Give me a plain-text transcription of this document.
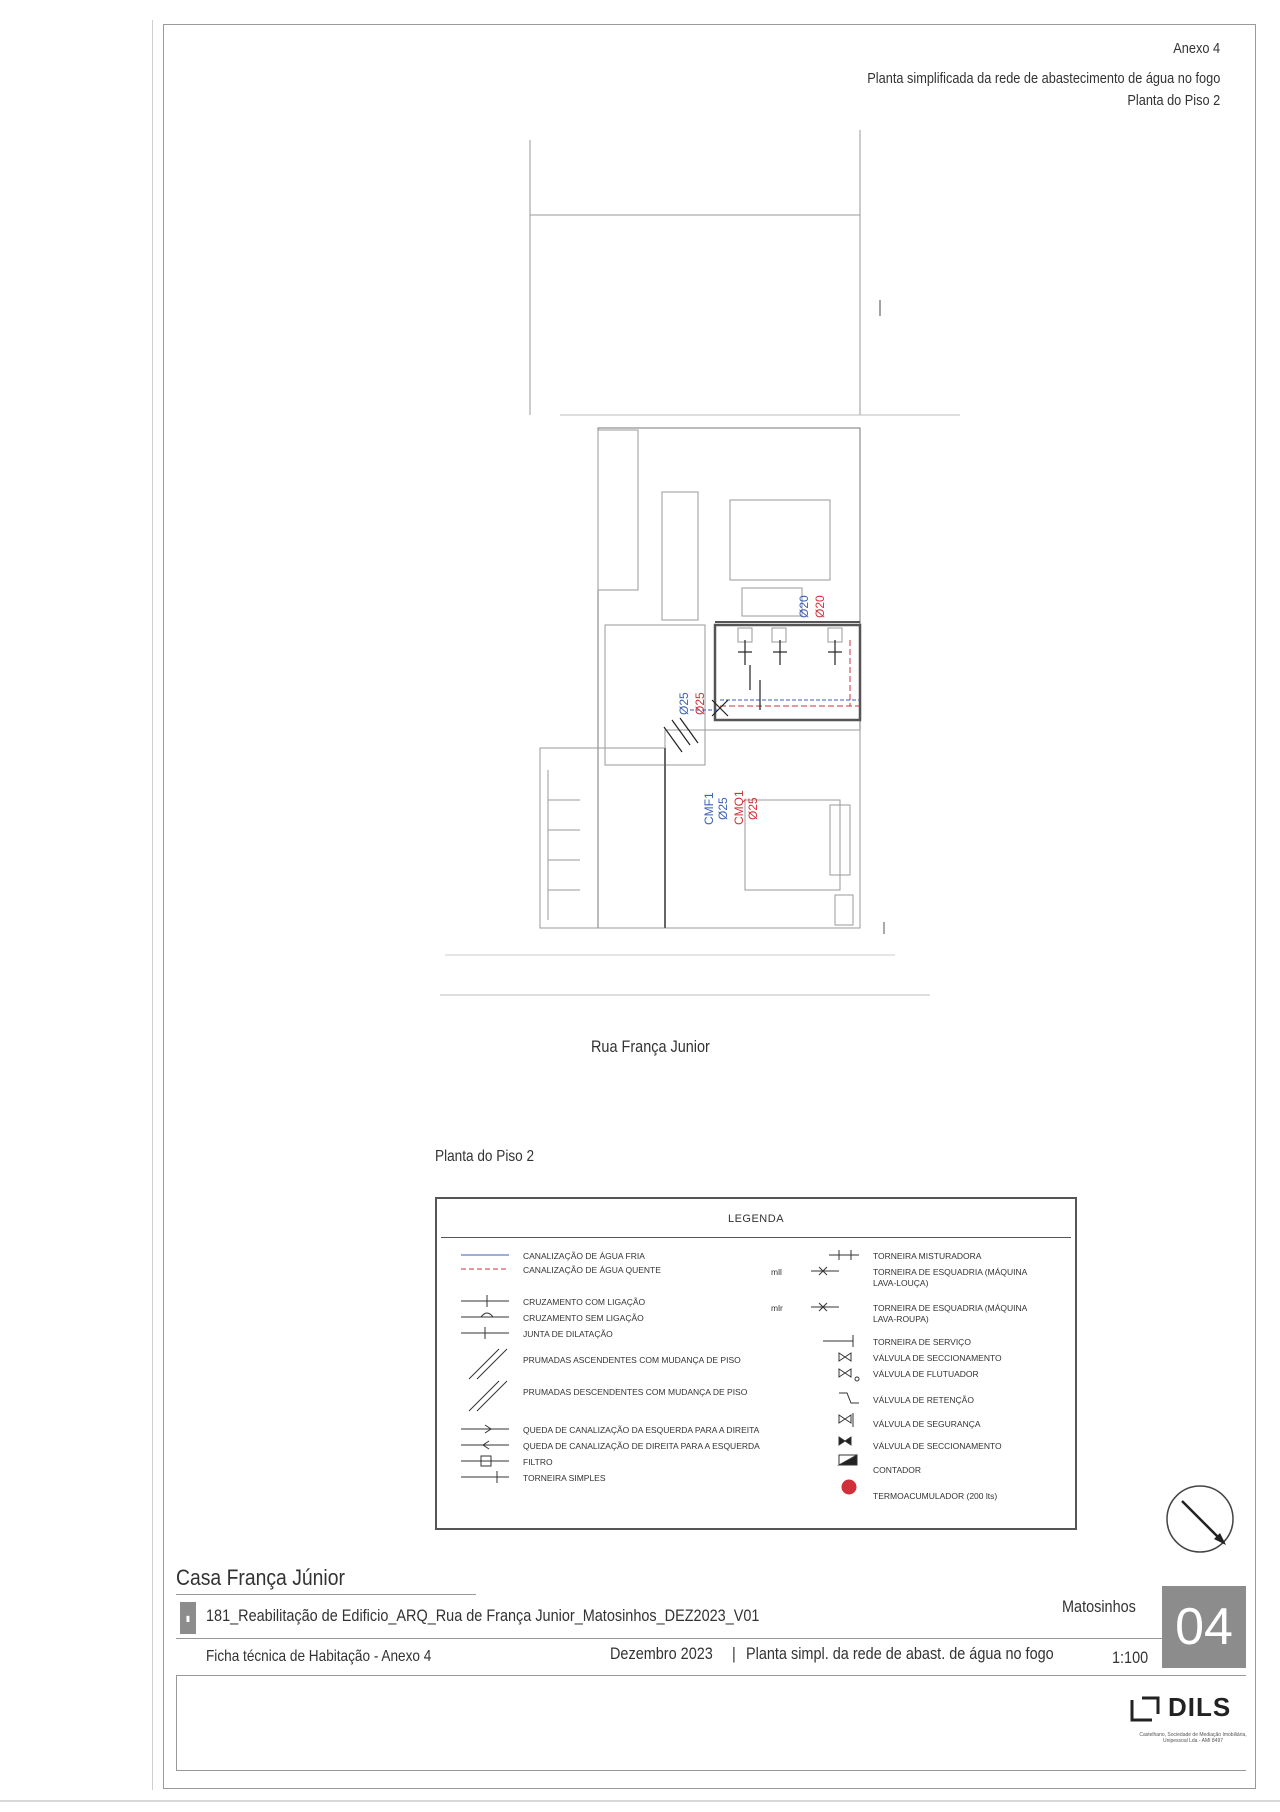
Anexo 4
Planta simplificada da rede de abastecimento de água no fogo
Planta do Piso 2
Ø20 Ø20
Ø25 Ø25
CMF1 Ø25 CMQ1 Ø25
Rua França Junior
Planta do Piso 2
LEGENDA
CANALIZAÇÃO DE ÁGUA FRIA
CANALIZAÇÃO DE ÁGUA QUENTE
CRUZAMENTO COM LIGAÇÃO
CRUZAMENTO SEM LIGAÇÃO
JUNTA DE DILATAÇÃO
PRUMADAS ASCENDENTES COM MUDANÇA DE PISO
PRUMADAS DESCENDENTES COM MUDANÇA DE PISO
QUEDA DE CANALIZAÇÃO DA ESQUERDA PARA A DIREITA
QUEDA DE CANALIZAÇÃO DE DIREITA PARA A ESQUERDA
FILTRO
TORNEIRA SIMPLES
mll
mlr
TORNEIRA MISTURADORA
TORNEIRA DE ESQUADRIA (MÁQUINA LAVA-LOUÇA)
TORNEIRA DE ESQUADRIA (MÁQUINA LAVA-ROUPA)
TORNEIRA DE SERVIÇO
VÁLVULA DE SECCIONAMENTO
VÁLVULA DE FLUTUADOR
VÁLVULA DE RETENÇÃO
VÁLVULA DE SEGURANÇA
VÁLVULA DE SECCIONAMENTO
CONTADOR
TERMOACUMULADOR (200 lts)
Casa França Júnior
▮ 181_Reabilitação de Edificio_ARQ_Rua de França Junior_Matosinhos_DEZ2023_V01	Matosinhos 04
Ficha técnica de Habitação - Anexo 4	Dezembro 2023 | Planta simpl. da rede de abast. de água no fogo	1:100
DILS
Castelhano, Sociedade de Mediação Imobiliária, Unipessoal Lda - AMI 8497
